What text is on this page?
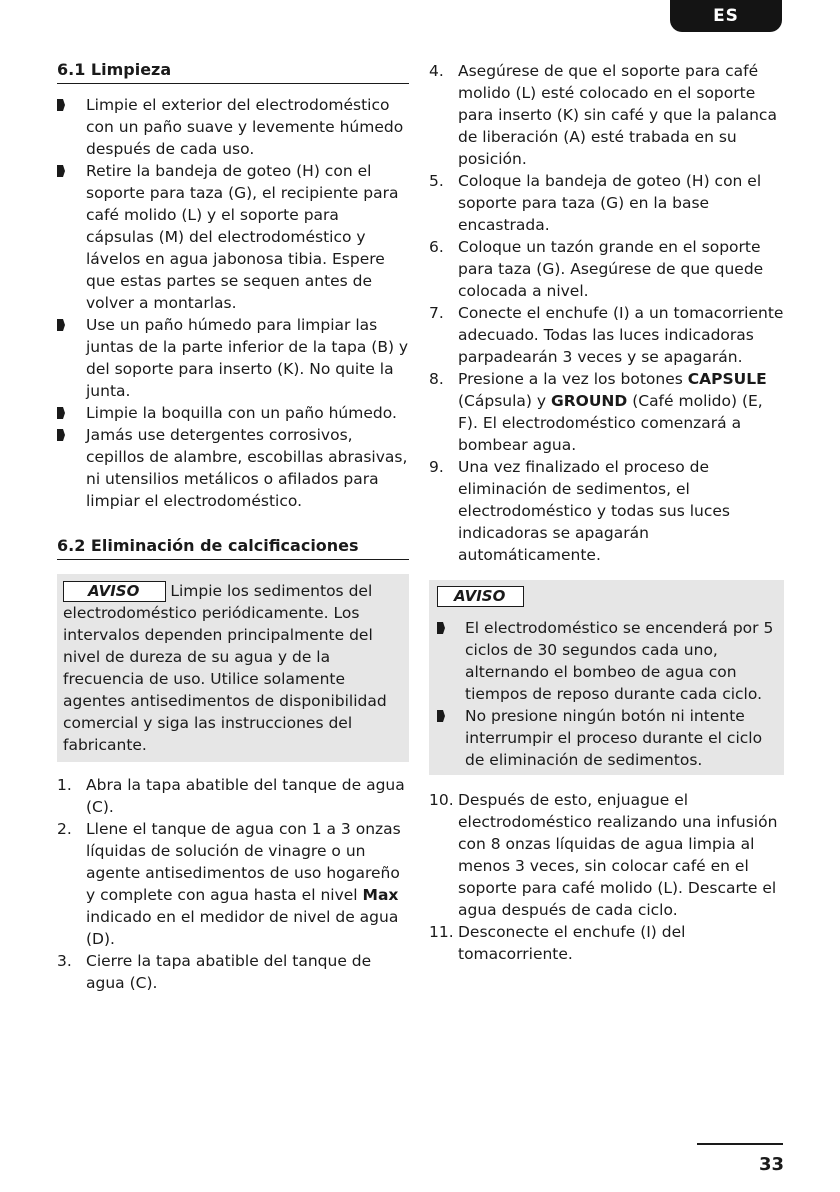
ES
6.1 Limpieza
Limpie el exterior del electrodoméstico con un paño suave y levemente húmedo después de cada uso.
Retire la bandeja de goteo (H) con el soporte para taza (G), el recipiente para café molido (L) y el soporte para cápsulas (M) del electrodoméstico y lávelos en agua jabonosa tibia. Espere que estas partes se sequen antes de volver a montarlas.
Use un paño húmedo para limpiar las juntas de la parte inferior de la tapa (B) y del soporte para inserto (K). No quite la junta.
Limpie la boquilla con un paño húmedo.
Jamás use detergentes corrosivos, cepillos de alambre, escobillas abrasivas, ni utensilios metálicos o afilados para limpiar el electrodoméstico.
6.2 Eliminación de calcificaciones
AVISO Limpie los sedimentos del electrodoméstico periódicamente. Los intervalos dependen principalmente del nivel de dureza de su agua y de la frecuencia de uso. Utilice solamente agentes antisedimentos de disponibilidad comercial y siga las instrucciones del fabricante.
1. Abra la tapa abatible del tanque de agua (C).
2. Llene el tanque de agua con 1 a 3 onzas líquidas de solución de vinagre o un agente antisedimentos de uso hogareño y complete con agua hasta el nivel Max indicado en el medidor de nivel de agua (D).
3. Cierre la tapa abatible del tanque de agua (C).
4. Asegúrese de que el soporte para café molido (L) esté colocado en el soporte para inserto (K) sin café y que la palanca de liberación (A) esté trabada en su posición.
5. Coloque la bandeja de goteo (H) con el soporte para taza (G) en la base encastrada.
6. Coloque un tazón grande en el soporte para taza (G). Asegúrese de que quede colocada a nivel.
7. Conecte el enchufe (I) a un tomacorriente adecuado. Todas las luces indicadoras parpadearán 3 veces y se apagarán.
8. Presione a la vez los botones CAPSULE (Cápsula) y GROUND (Café molido) (E, F). El electrodoméstico comenzará a bombear agua.
9. Una vez finalizado el proceso de eliminación de sedimentos, el electrodoméstico y todas sus luces indicadoras se apagarán automáticamente.
AVISO
El electrodoméstico se encenderá por 5 ciclos de 30 segundos cada uno, alternando el bombeo de agua con tiempos de reposo durante cada ciclo.
No presione ningún botón ni intente interrumpir el proceso durante el ciclo de eliminación de sedimentos.
10. Después de esto, enjuague el electrodoméstico realizando una infusión con 8 onzas líquidas de agua limpia al menos 3 veces, sin colocar café en el soporte para café molido (L). Descarte el agua después de cada ciclo.
11. Desconecte el enchufe (I) del tomacorriente.
33
